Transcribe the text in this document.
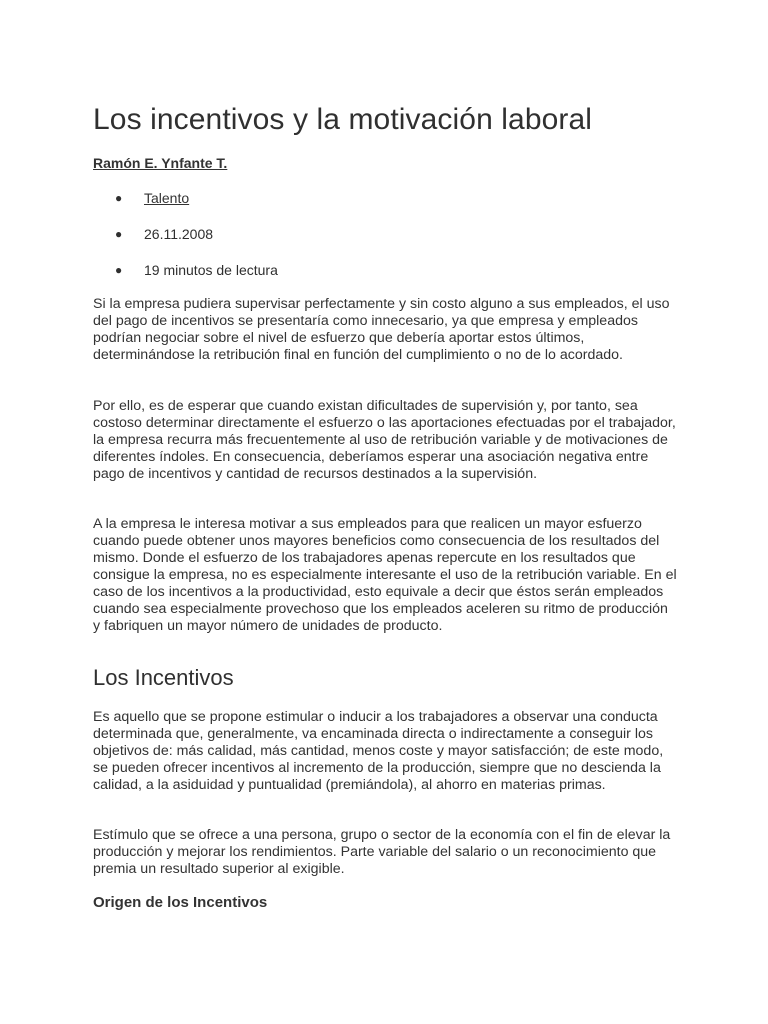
Los incentivos y la motivación laboral
Ramón E. Ynfante T.
● Talento
● 26.11.2008
● 19 minutos de lectura

Si la empresa pudiera supervisar perfectamente y sin costo alguno a sus empleados, el uso del pago de incentivos se presentaría como innecesario, ya que empresa y empleados podrían negociar sobre el nivel de esfuerzo que debería aportar estos últimos, determinándose la retribución final en función del cumplimiento o no de lo acordado.

Por ello, es de esperar que cuando existan dificultades de supervisión y, por tanto, sea costoso determinar directamente el esfuerzo o las aportaciones efectuadas por el trabajador, la empresa recurra más frecuentemente al uso de retribución variable y de motivaciones de diferentes índoles. En consecuencia, deberíamos esperar una asociación negativa entre pago de incentivos y cantidad de recursos destinados a la supervisión.

A la empresa le interesa motivar a sus empleados para que realicen un mayor esfuerzo cuando puede obtener unos mayores beneficios como consecuencia de los resultados del mismo. Donde el esfuerzo de los trabajadores apenas repercute en los resultados que consigue la empresa, no es especialmente interesante el uso de la retribución variable. En el caso de los incentivos a la productividad, esto equivale a decir que éstos serán empleados cuando sea especialmente provechoso que los empleados aceleren su ritmo de producción y fabriquen un mayor número de unidades de producto.

Los Incentivos

Es aquello que se propone estimular o inducir a los trabajadores a observar una conducta determinada que, generalmente, va encaminada directa o indirectamente a conseguir los objetivos de: más calidad, más cantidad, menos coste y mayor satisfacción; de este modo, se pueden ofrecer incentivos al incremento de la producción, siempre que no descienda la calidad, a la asiduidad y puntualidad (premiándola), al ahorro en materias primas.

Estímulo que se ofrece a una persona, grupo o sector de la economía con el fin de elevar la producción y mejorar los rendimientos. Parte variable del salario o un reconocimiento que premia un resultado superior al exigible.

Origen de los Incentivos
